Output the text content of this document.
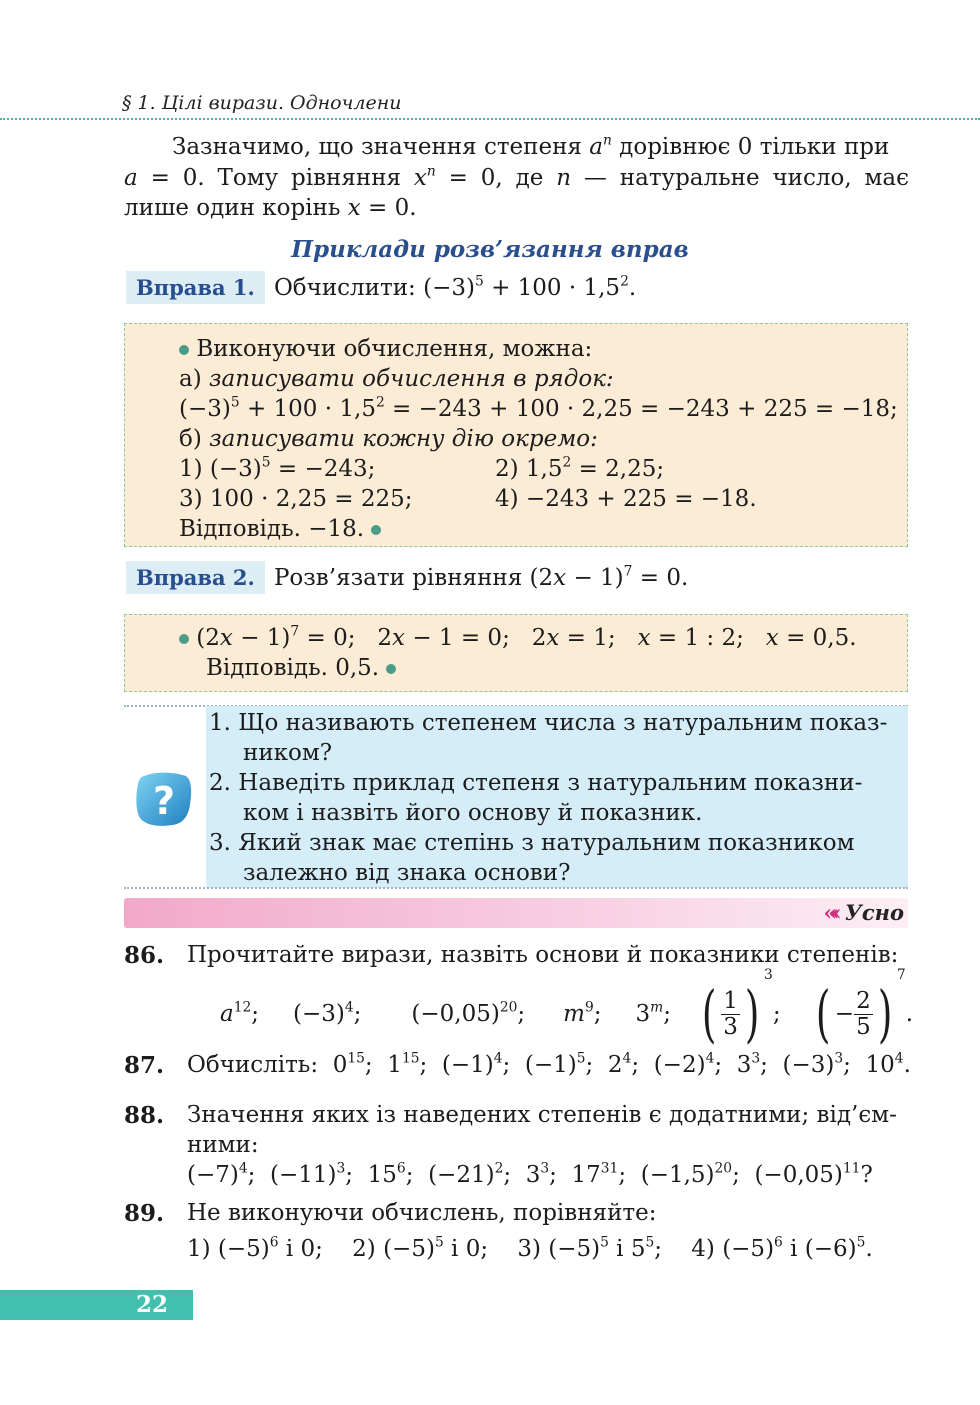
§ 1. Цілі вирази. Одночлени

Зазначимо, що значення степеня $a^n$ дорівнює 0 тільки при

a = 0. Тому рівняння $x^n = 0$, де n — натуральне число, має

лише один корінь x = 0.

Приклади розв’язання вправ
Вправа 1. Обчислити: $(-3)^5 + 100 \cdot 1,5^2$.
Виконуючи обчислення, можна:
а) записувати обчислення в рядок:
$(-3)^5 + 100 \cdot 1,5^2 = -243 + 100 \cdot 2,25 = -243 + 225 = -18$;
б) записувати кожну дію окремо:
1) $(-3)^5 = -243$;	2) $1,5^2 = 2,25$;
3) 100 · 2,25 = 225;	4) −243 + 225 = −18.
Відповідь. −18.
Вправа 2. Розв’язати рівняння $(2x - 1)^7 = 0$.
$(2x - 1)^7 = 0$;   2x − 1 = 0;   2x = 1;   x = 1 : 2;   x = 0,5.
Відповідь. 0,5.
?
1. Що називають степенем числа з натуральним показ-
ником?
2. Наведіть приклад степеня з натуральним показни-
ком і назвіть його основу й показник.
3. Який знак має степінь з натуральним показником
залежно від знака основи?
«‹‹ Усно
86. Прочитайте вирази, назвіть основи й показники степенів:
$a^{12}$; $(-3)^4$; $(-0,05)^{20}$; $m^9$; 3$^m$; ( $\frac{1}{3}$ )
3
; ( − $\frac{2}{5}$ )
7
.
87. Обчисліть:  $0^{15}$;  $1^{15}$;  $(-1)^4$;  $(-1)^5$;  $2^4$;  $(-2)^4$;  $3^3$;  $(-3)^3$;  $10^4$.
88. Значення яких із наведених степенів є додатними; від’єм-
ними:
$(-7)^4$;  $(-11)^3$;  $15^6$;  $(-21)^2$;  $3^3$;  $17^{31}$;  $(-1,5)^{20}$;  $(-0,05)^{11}$?
89. Не виконуючи обчислень, порівняйте:
1) $(-5)^6$ і 0;    2) $(-5)^5$ і 0;    3) $(-5)^5$ і $5^5$;    4) $(-5)^6$ і $(-6)^5$.
22
